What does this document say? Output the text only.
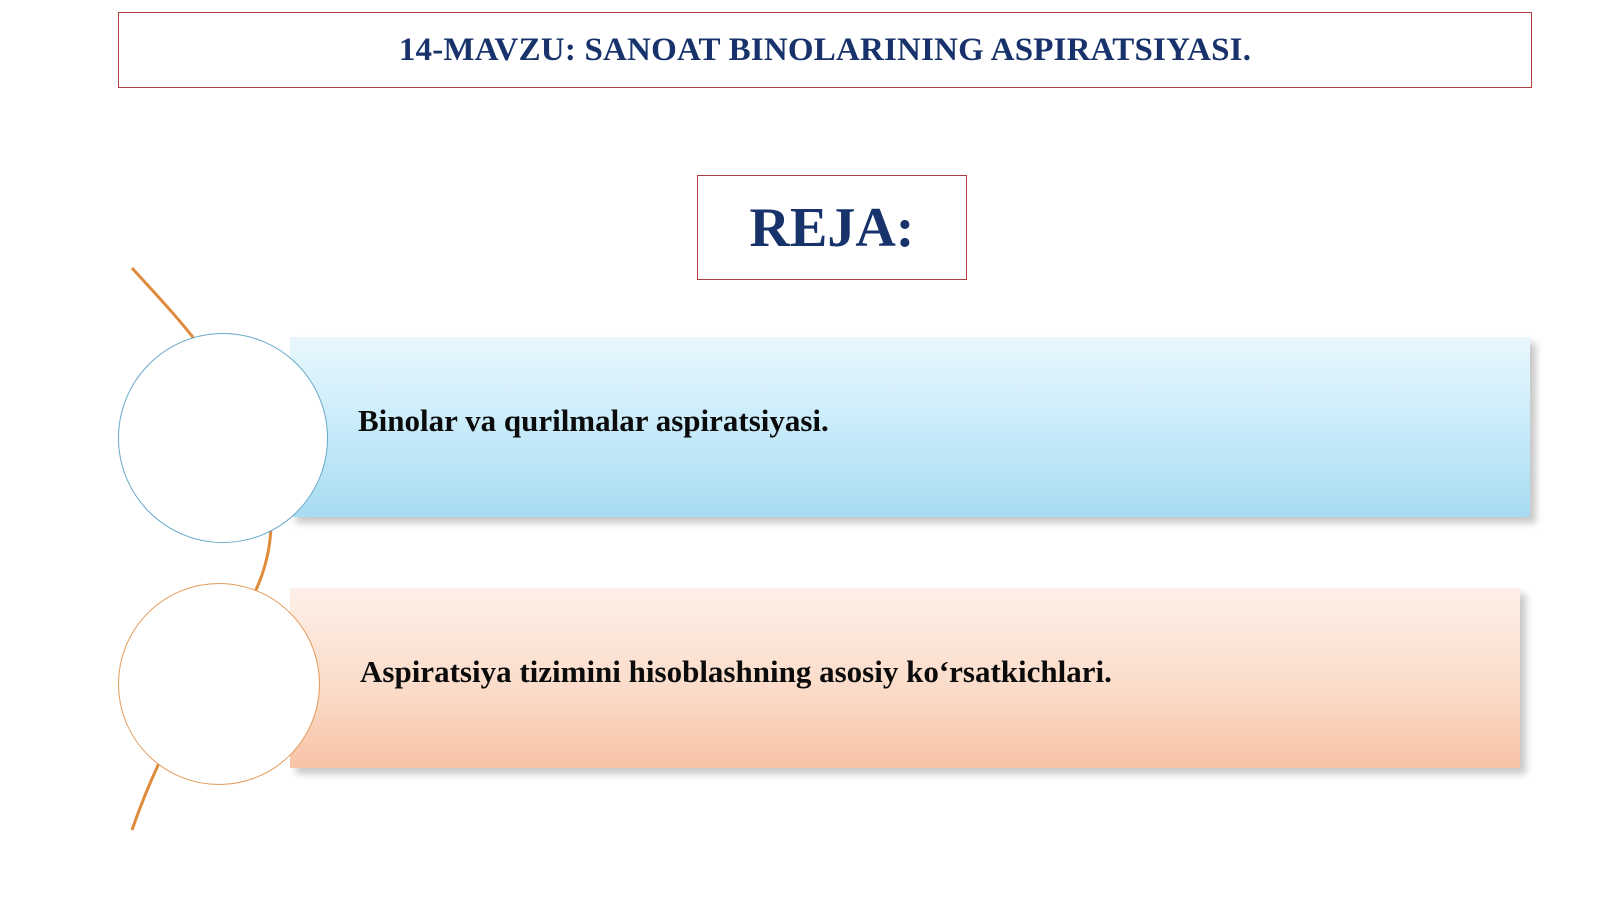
14-MAVZU: SANOAT BINOLARINING ASPIRATSIYASI.
REJA:
Binolar va qurilmalar aspiratsiyasi.
Aspiratsiya tizimini hisoblashning asosiy ko‘rsatkichlari.
